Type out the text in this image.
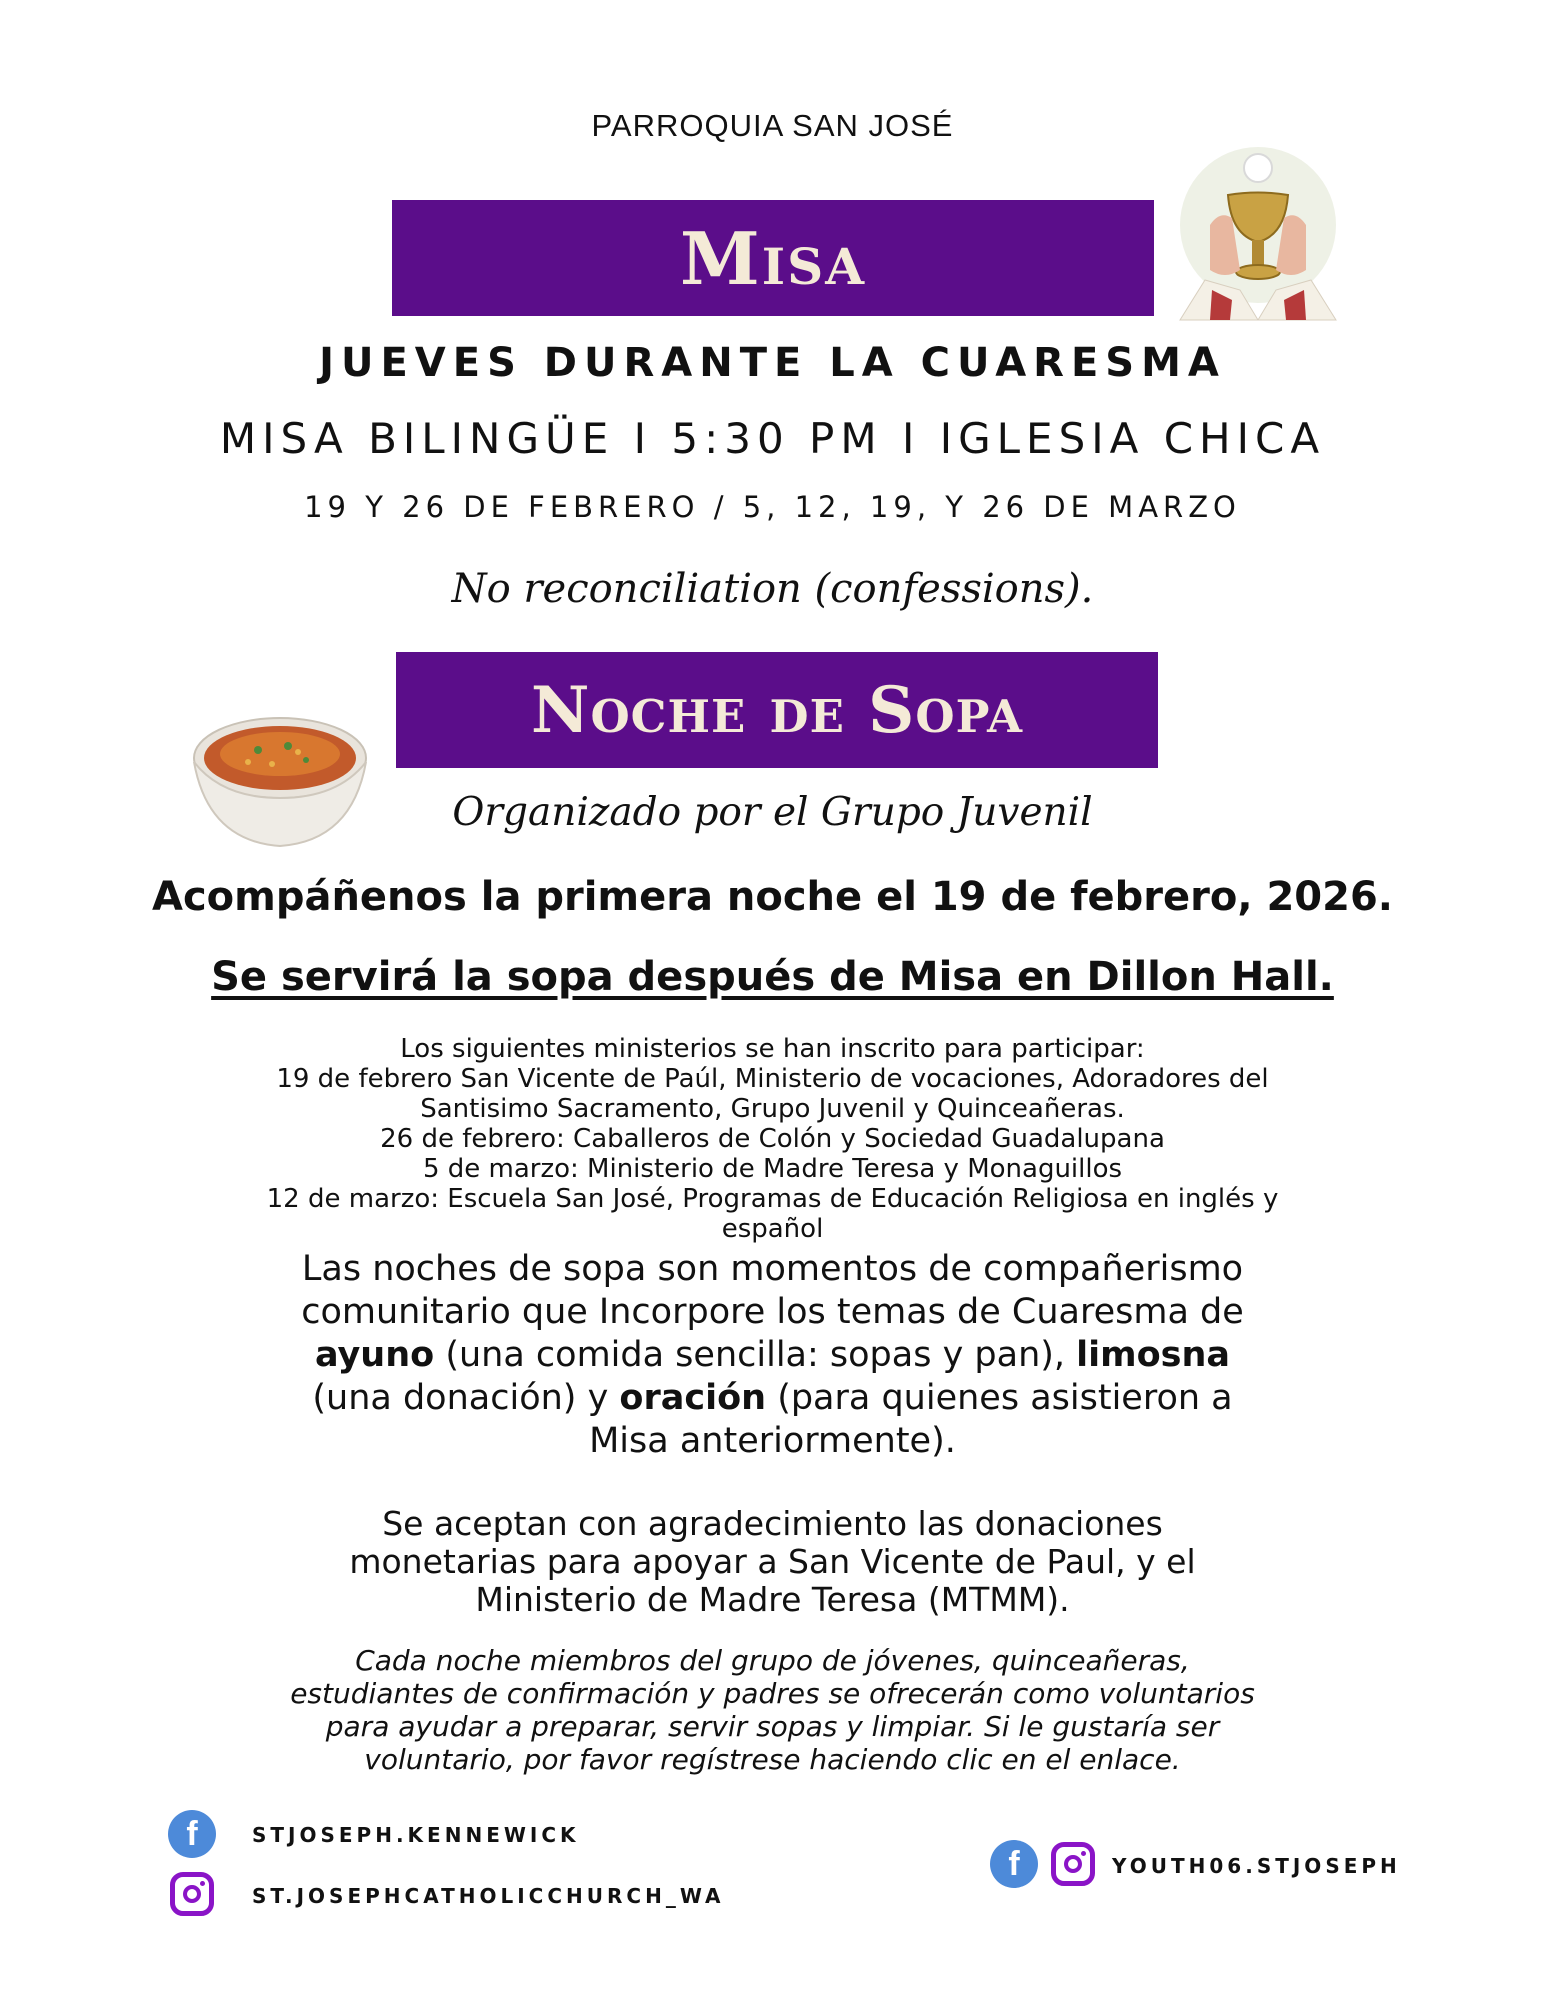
PARROQUIA SAN JOSÉ
Misa
JUEVES DURANTE LA CUARESMA
MISA BILINGÜE I 5:30 PM I IGLESIA CHICA
19 Y 26 DE FEBRERO / 5, 12, 19, Y 26 DE MARZO
No reconciliation (confessions).
Noche de Sopa
Organizado por el Grupo Juvenil
Acompáñenos la primera noche el 19 de febrero, 2026.
Se servirá la sopa después de Misa en Dillon Hall.
Los siguientes ministerios se han inscrito para participar:
19 de febrero San Vicente de Paúl, Ministerio de vocaciones, Adoradores del
Santisimo Sacramento, Grupo Juvenil y Quinceañeras.
26 de febrero: Caballeros de Colón y Sociedad Guadalupana
5 de marzo: Ministerio de Madre Teresa y Monaguillos
12 de marzo: Escuela San José, Programas de Educación Religiosa en inglés y
español
Las noches de sopa son momentos de compañerismo
comunitario que Incorpore los temas de Cuaresma de
ayuno (una comida sencilla: sopas y pan), limosna
(una donación) y oración (para quienes asistieron a
Misa anteriormente).
Se aceptan con agradecimiento las donaciones
monetarias para apoyar a San Vicente de Paul, y el
Ministerio de Madre Teresa (MTMM).
Cada noche miembros del grupo de jóvenes, quinceañeras,
estudiantes de confirmación y padres se ofrecerán como voluntarios
para ayudar a preparar, servir sopas y limpiar. Si le gustaría ser
voluntario, por favor regístrese haciendo clic en el enlace.
f	STJOSEPH.KENNEWICK
ST.JOSEPHCATHOLICCHURCH_WA
f	YOUTH06.STJOSEPH
